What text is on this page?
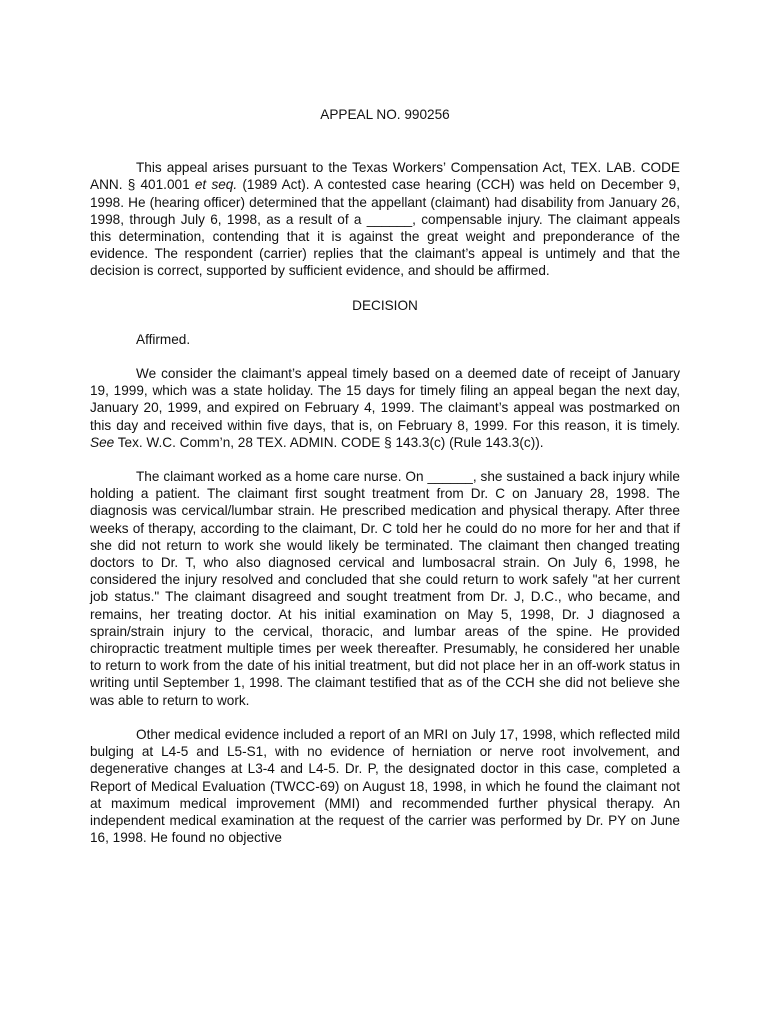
APPEAL NO. 990256

This appeal arises pursuant to the Texas Workers’ Compensation Act, TEX. LAB. CODE ANN. § 401.001 et seq. (1989 Act). A contested case hearing (CCH) was held on December 9, 1998. He (hearing officer) determined that the appellant (claimant) had disability from January 26, 1998, through July 6, 1998, as a result of a ______, compensable injury. The claimant appeals this determination, contending that it is against the great weight and preponderance of the evidence. The respondent (carrier) replies that the claimant’s appeal is untimely and that the decision is correct, supported by sufficient evidence, and should be affirmed.

DECISION

Affirmed.

We consider the claimant’s appeal timely based on a deemed date of receipt of January 19, 1999, which was a state holiday. The 15 days for timely filing an appeal began the next day, January 20, 1999, and expired on February 4, 1999. The claimant’s appeal was postmarked on this day and received within five days, that is, on February 8, 1999. For this reason, it is timely. See Tex. W.C. Comm’n, 28 TEX. ADMIN. CODE § 143.3(c) (Rule 143.3(c)).

The claimant worked as a home care nurse. On ______, she sustained a back injury while holding a patient. The claimant first sought treatment from Dr. C on January 28, 1998. The diagnosis was cervical/lumbar strain. He prescribed medication and physical therapy. After three weeks of therapy, according to the claimant, Dr. C told her he could do no more for her and that if she did not return to work she would likely be terminated. The claimant then changed treating doctors to Dr. T, who also diagnosed cervical and lumbosacral strain. On July 6, 1998, he considered the injury resolved and concluded that she could return to work safely "at her current job status." The claimant disagreed and sought treatment from Dr. J, D.C., who became, and remains, her treating doctor. At his initial examination on May 5, 1998, Dr. J diagnosed a sprain/strain injury to the cervical, thoracic, and lumbar areas of the spine. He provided chiropractic treatment multiple times per week thereafter. Presumably, he considered her unable to return to work from the date of his initial treatment, but did not place her in an off-work status in writing until September 1, 1998. The claimant testified that as of the CCH she did not believe she was able to return to work.

Other medical evidence included a report of an MRI on July 17, 1998, which reflected mild bulging at L4-5 and L5-S1, with no evidence of herniation or nerve root involvement, and degenerative changes at L3-4 and L4-5. Dr. P, the designated doctor in this case, completed a Report of Medical Evaluation (TWCC-69) on August 18, 1998, in which he found the claimant not at maximum medical improvement (MMI) and recommended further physical therapy. An independent medical examination at the request of the carrier was performed by Dr. PY on June 16, 1998. He found no objective
